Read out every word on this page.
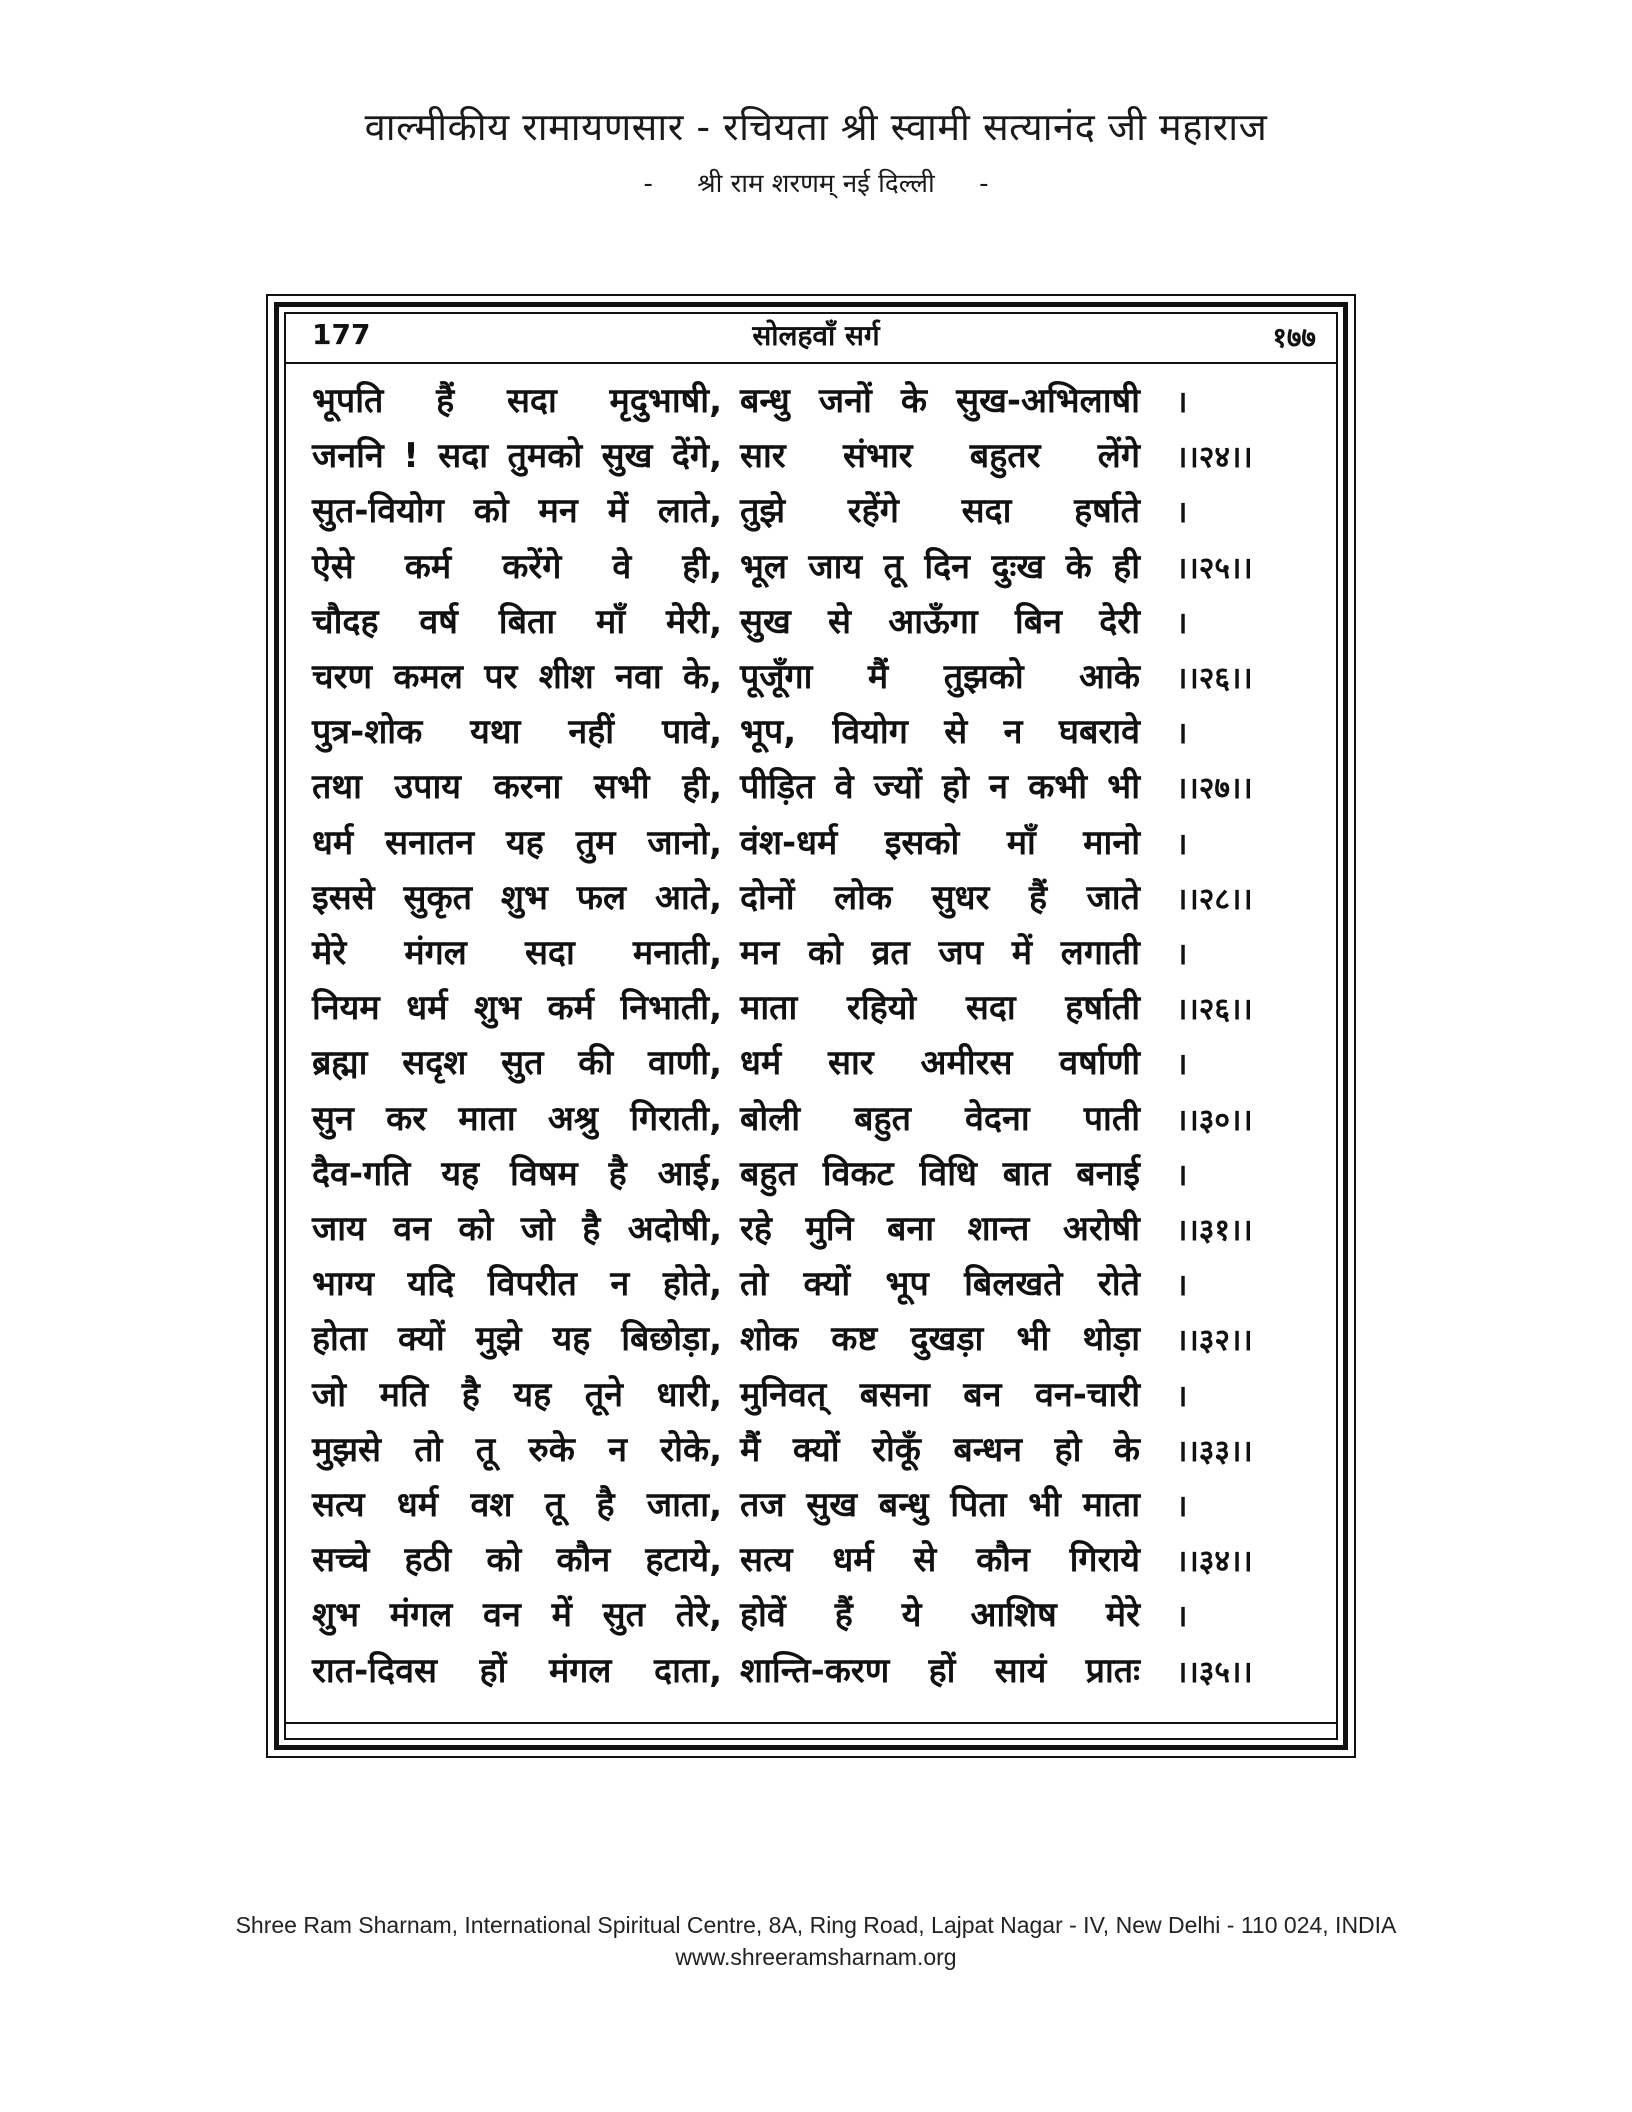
वाल्मीकीय रामायणसार - रचियता श्री स्वामी सत्यानंद जी महाराज
- श्री राम शरणम् नई दिल्ली -
177	सोलहवाँ सर्ग	१७७
भूपति हैं सदा मृदुभाषी, बन्धु जनों के सुख-अभिलाषी ।
जननि ! सदा तुमको सुख देंगे, सार संभार बहुतर लेंगे ।।२४।।
सुत-वियोग को मन में लाते, तुझे रहेंगे सदा हर्षाते ।
ऐसे कर्म करेंगे वे ही, भूल जाय तू दिन दुःख के ही ।।२५।।
चौदह वर्ष बिता माँ मेरी, सुख से आऊँगा बिन देरी ।
चरण कमल पर शीश नवा के, पूजूँगा मैं तुझको आके ।।२६।।
पुत्र-शोक यथा नहीं पावे, भूप, वियोग से न घबरावे ।
तथा उपाय करना सभी ही, पीड़ित वे ज्यों हो न कभी भी ।।२७।।
धर्म सनातन यह तुम जानो, वंश-धर्म इसको माँ मानो ।
इससे सुकृत शुभ फल आते, दोनों लोक सुधर हैं जाते ।।२८।।
मेरे मंगल सदा मनाती, मन को व्रत जप में लगाती ।
नियम धर्म शुभ कर्म निभाती, माता रहियो सदा हर्षाती ।।२६।।
ब्रह्मा सदृश सुत की वाणी, धर्म सार अमीरस वर्षाणी ।
सुन कर माता अश्रु गिराती, बोली बहुत वेदना पाती ।।३०।।
दैव-गति यह विषम है आई, बहुत विकट विधि बात बनाई ।
जाय वन को जो है अदोषी, रहे मुनि बना शान्त अरोषी ।।३१।।
भाग्य यदि विपरीत न होते, तो क्यों भूप बिलखते रोते ।
होता क्यों मुझे यह बिछोड़ा, शोक कष्ट दुखड़ा भी थोड़ा ।।३२।।
जो मति है यह तूने धारी, मुनिवत् बसना बन वन-चारी ।
मुझसे तो तू रुके न रोके, मैं क्यों रोकूँ बन्धन हो के ।।३३।।
सत्य धर्म वश तू है जाता, तज सुख बन्धु पिता भी माता ।
सच्चे हठी को कौन हटाये, सत्य धर्म से कौन गिराये ।।३४।।
शुभ मंगल वन में सुत तेरे, होवें हैं ये आशिष मेरे ।
रात-दिवस हों मंगल दाता, शान्ति-करण हों सायं प्रातः ।।३५।।
Shree Ram Sharnam, International Spiritual Centre, 8A, Ring Road, Lajpat Nagar - IV, New Delhi - 110 024, INDIA
www.shreeramsharnam.org
